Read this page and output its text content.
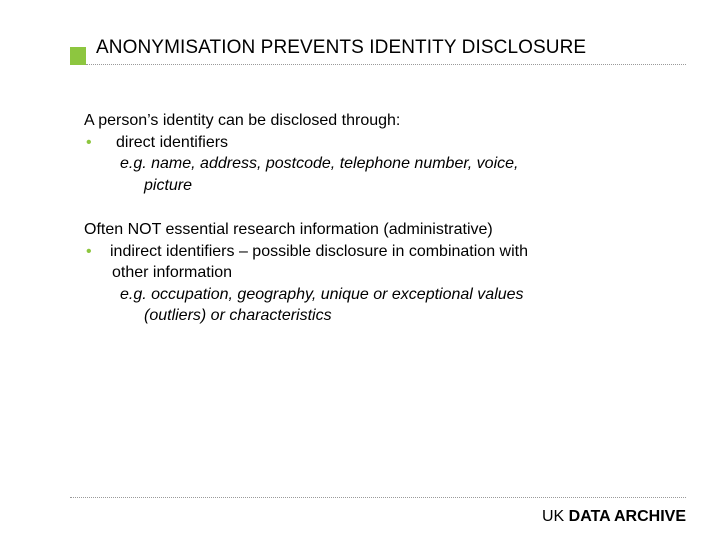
ANONYMISATION PREVENTS IDENTITY DISCLOSURE
A person’s identity can be disclosed through:
• direct identifiers
e.g. name, address, postcode, telephone number, voice,
picture
Often NOT essential research information (administrative)
• indirect identifiers – possible disclosure in combination with
other information
e.g. occupation, geography, unique or exceptional values
(outliers) or characteristics
UK DATA ARCHIVE
